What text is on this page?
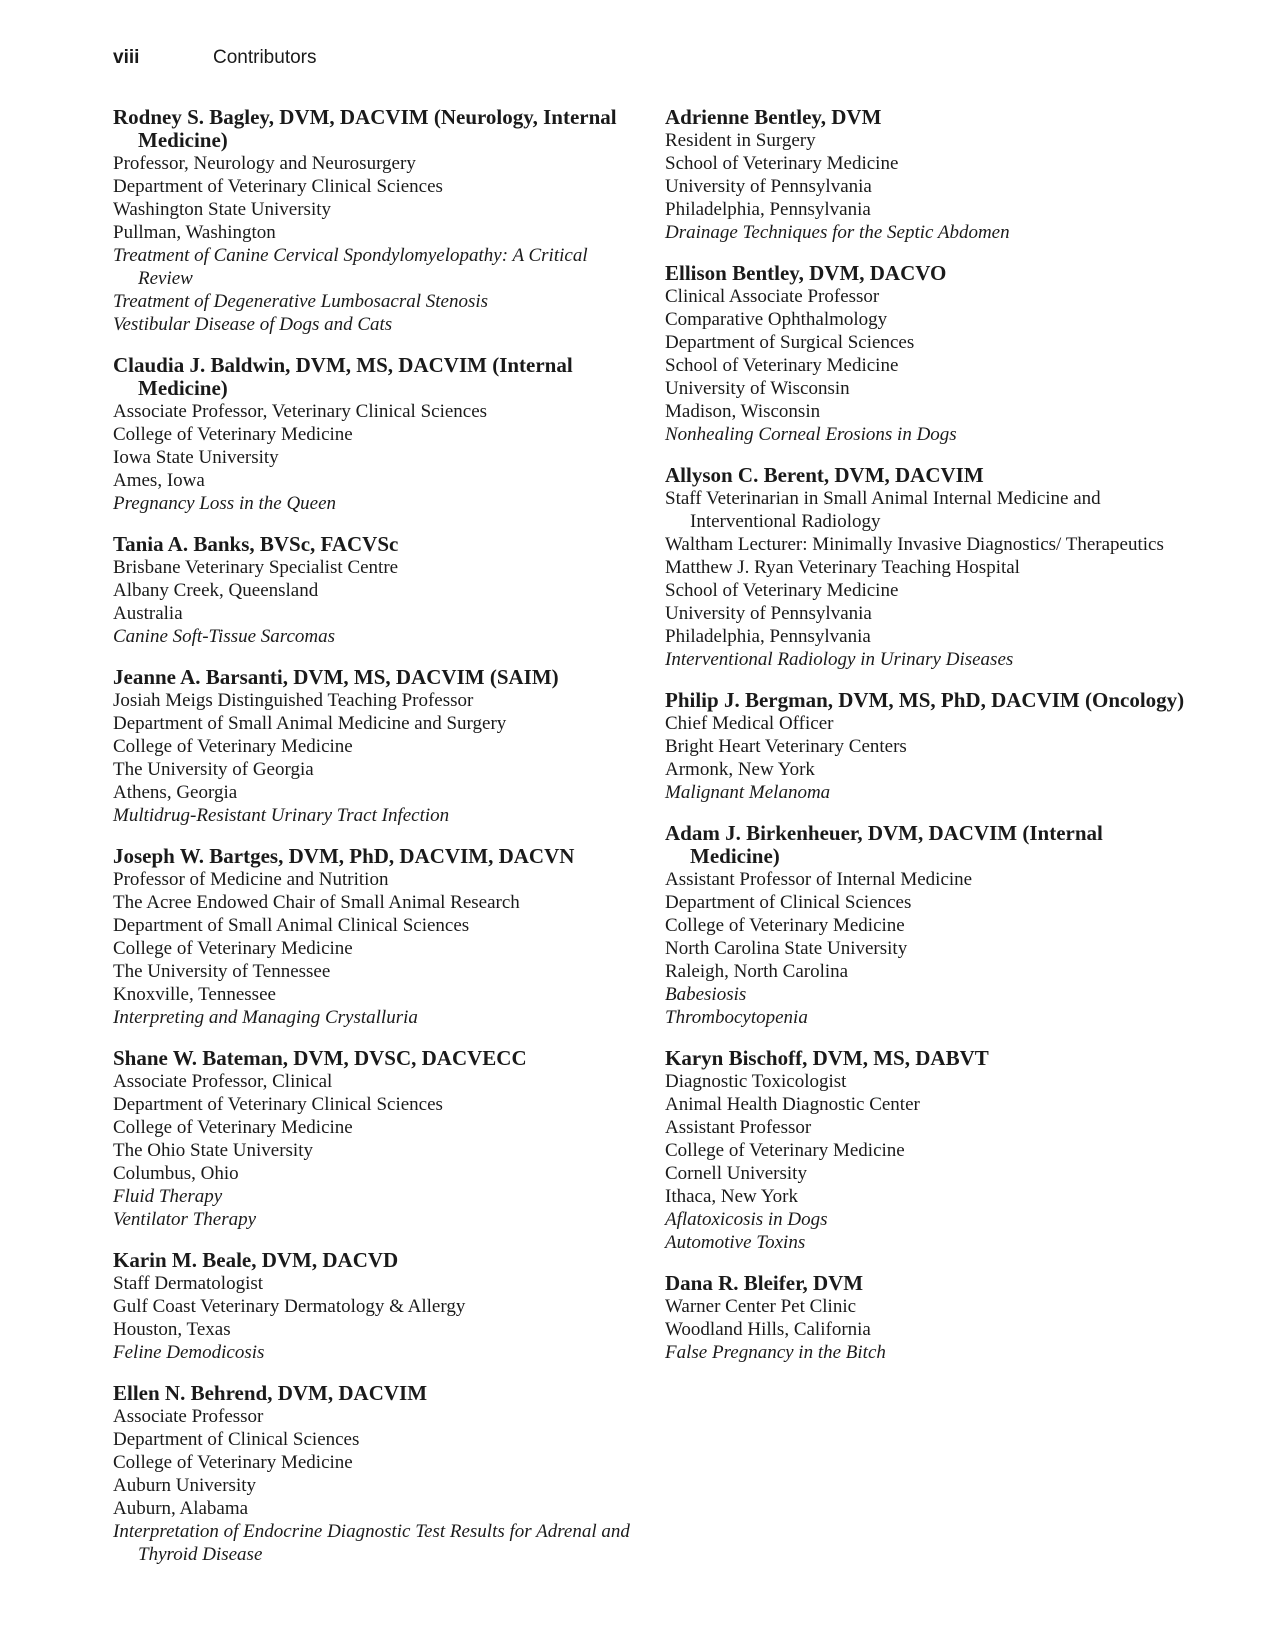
viii	Contributors
Rodney S. Bagley, DVM, DACVIM (Neurology, Internal Medicine)
Professor, Neurology and Neurosurgery
Department of Veterinary Clinical Sciences
Washington State University
Pullman, Washington
Treatment of Canine Cervical Spondylomyelopathy: A Critical Review
Treatment of Degenerative Lumbosacral Stenosis
Vestibular Disease of Dogs and Cats
Claudia J. Baldwin, DVM, MS, DACVIM (Internal Medicine)
Associate Professor, Veterinary Clinical Sciences
College of Veterinary Medicine
Iowa State University
Ames, Iowa
Pregnancy Loss in the Queen
Tania A. Banks, BVSc, FACVSc
Brisbane Veterinary Specialist Centre
Albany Creek, Queensland
Australia
Canine Soft-Tissue Sarcomas
Jeanne A. Barsanti, DVM, MS, DACVIM (SAIM)
Josiah Meigs Distinguished Teaching Professor
Department of Small Animal Medicine and Surgery
College of Veterinary Medicine
The University of Georgia
Athens, Georgia
Multidrug-Resistant Urinary Tract Infection
Joseph W. Bartges, DVM, PhD, DACVIM, DACVN
Professor of Medicine and Nutrition
The Acree Endowed Chair of Small Animal Research
Department of Small Animal Clinical Sciences
College of Veterinary Medicine
The University of Tennessee
Knoxville, Tennessee
Interpreting and Managing Crystalluria
Shane W. Bateman, DVM, DVSC, DACVECC
Associate Professor, Clinical
Department of Veterinary Clinical Sciences
College of Veterinary Medicine
The Ohio State University
Columbus, Ohio
Fluid Therapy
Ventilator Therapy
Karin M. Beale, DVM, DACVD
Staff Dermatologist
Gulf Coast Veterinary Dermatology & Allergy
Houston, Texas
Feline Demodicosis
Ellen N. Behrend, DVM, DACVIM
Associate Professor
Department of Clinical Sciences
College of Veterinary Medicine
Auburn University
Auburn, Alabama
Interpretation of Endocrine Diagnostic Test Results for Adrenal and Thyroid Disease
Adrienne Bentley, DVM
Resident in Surgery
School of Veterinary Medicine
University of Pennsylvania
Philadelphia, Pennsylvania
Drainage Techniques for the Septic Abdomen
Ellison Bentley, DVM, DACVO
Clinical Associate Professor
Comparative Ophthalmology
Department of Surgical Sciences
School of Veterinary Medicine
University of Wisconsin
Madison, Wisconsin
Nonhealing Corneal Erosions in Dogs
Allyson C. Berent, DVM, DACVIM
Staff Veterinarian in Small Animal Internal Medicine and Interventional Radiology
Waltham Lecturer: Minimally Invasive Diagnostics/ Therapeutics
Matthew J. Ryan Veterinary Teaching Hospital
School of Veterinary Medicine
University of Pennsylvania
Philadelphia, Pennsylvania
Interventional Radiology in Urinary Diseases
Philip J. Bergman, DVM, MS, PhD, DACVIM (Oncology)
Chief Medical Officer
Bright Heart Veterinary Centers
Armonk, New York
Malignant Melanoma
Adam J. Birkenheuer, DVM, DACVIM (Internal Medicine)
Assistant Professor of Internal Medicine
Department of Clinical Sciences
College of Veterinary Medicine
North Carolina State University
Raleigh, North Carolina
Babesiosis
Thrombocytopenia
Karyn Bischoff, DVM, MS, DABVT
Diagnostic Toxicologist
Animal Health Diagnostic Center
Assistant Professor
College of Veterinary Medicine
Cornell University
Ithaca, New York
Aflatoxicosis in Dogs
Automotive Toxins
Dana R. Bleifer, DVM
Warner Center Pet Clinic
Woodland Hills, California
False Pregnancy in the Bitch
